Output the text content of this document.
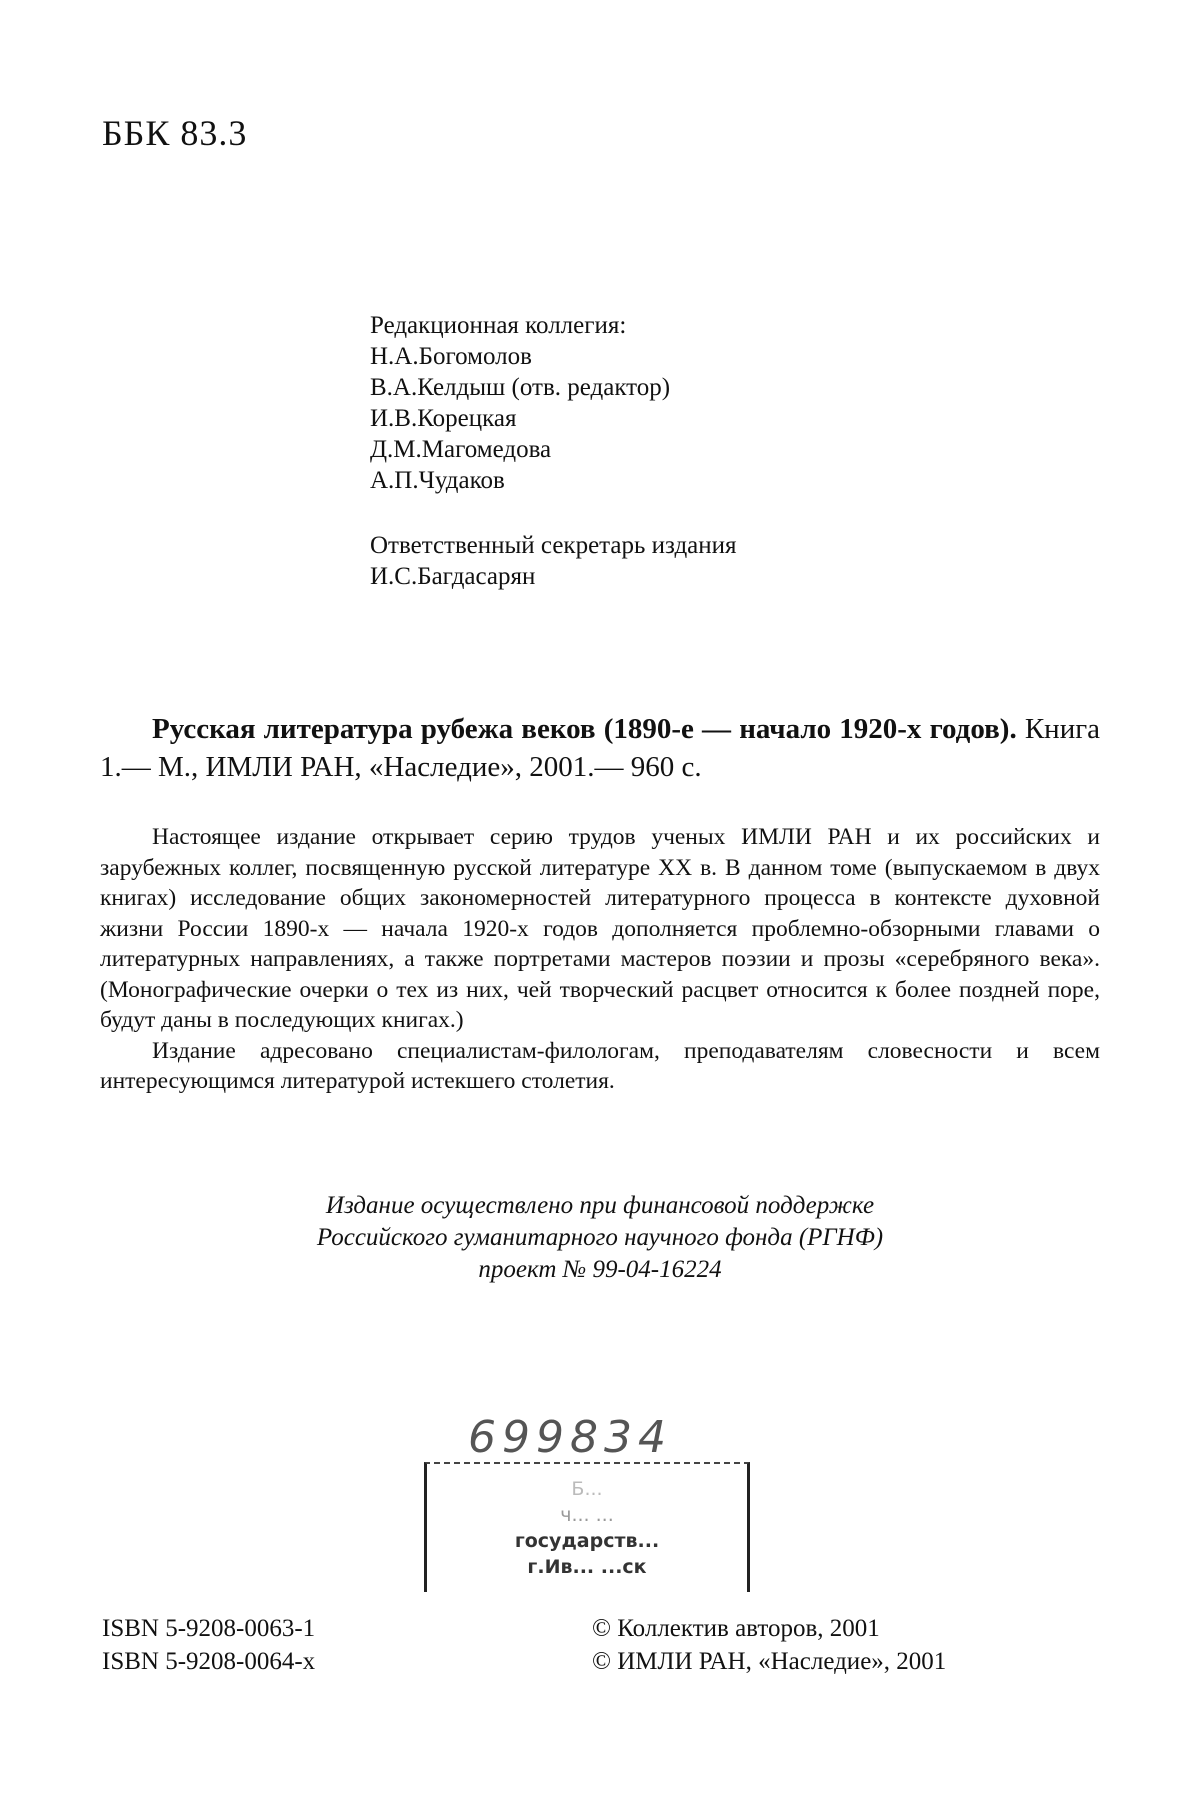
ББК 83.3
Редакционная коллегия:
Н.А.Богомолов
В.А.Келдыш (отв. редактор)
И.В.Корецкая
Д.М.Магомедова
А.П.Чудаков
Ответственный секретарь издания
И.С.Багдасарян
Русская литература рубежа веков (1890-е — начало 1920-х годов). Книга 1.— М., ИМЛИ РАН, «Наследие», 2001.— 960 с.

Настоящее издание открывает серию трудов ученых ИМЛИ РАН и их российских и зарубежных коллег, посвященную русской литературе XX в. В данном томе (выпускаемом в двух книгах) исследование общих закономерностей литературного процесса в контексте духовной жизни России 1890-х — начала 1920-х годов дополняется проблемно-обзорными главами о литературных направлениях, а также портретами мастеров поэзии и прозы «серебряного века». (Монографические очерки о тех из них, чей творческий расцвет относится к более поздней поре, будут даны в последующих книгах.)

Издание адресовано специалистам-филологам, преподавателям словесности и всем интересующимся литературой истекшего столетия.

Издание осуществлено при финансовой поддержке
Российского гуманитарного научного фонда (РГНФ)
проект № 99-04-16224
699834
Б...
ч... ...
государств...
г.Ив... ...ск
ISBN 5-9208-0063-1
ISBN 5-9208-0064-х
© Коллектив авторов, 2001
© ИМЛИ РАН, «Наследие», 2001
